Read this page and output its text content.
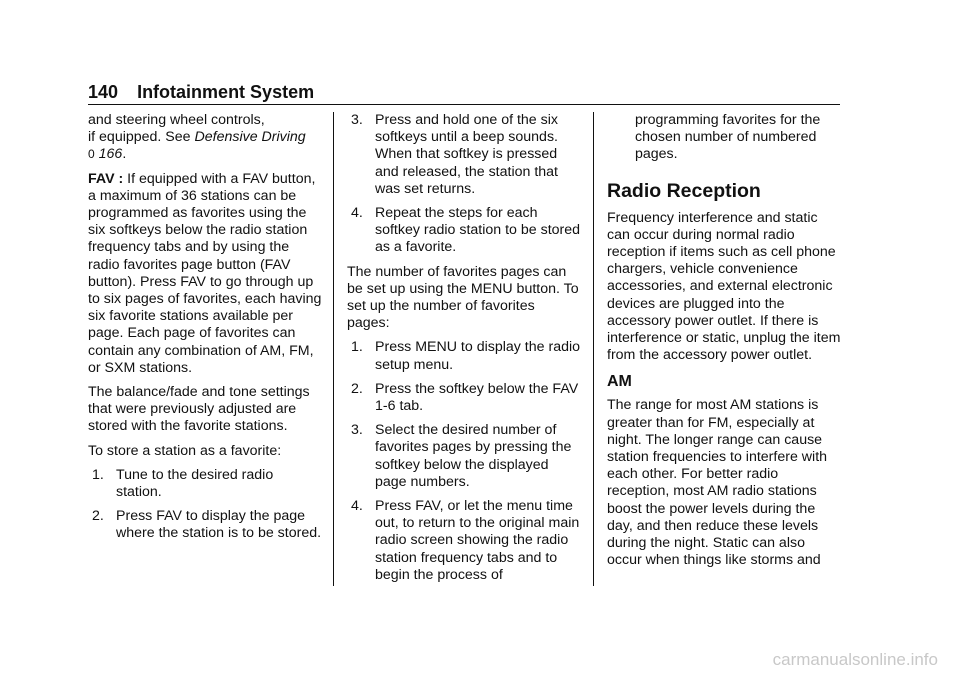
140 Infotainment System

and steering wheel controls,
if equipped. See Defensive Driving
0 166.

FAV : If equipped with a FAV button, a maximum of 36 stations can be programmed as favorites using the six softkeys below the radio station frequency tabs and by using the radio favorites page button (FAV button). Press FAV to go through up to six pages of favorites, each having six favorite stations available per page. Each page of favorites can contain any combination of AM, FM, or SXM stations.

The balance/fade and tone settings that were previously adjusted are stored with the favorite stations.

To store a station as a favorite:

1. Tune to the desired radio station.
2. Press FAV to display the page where the station is to be stored.
3. Press and hold one of the six softkeys until a beep sounds. When that softkey is pressed and released, the station that was set returns.
4. Repeat the steps for each softkey radio station to be stored as a favorite.

The number of favorites pages can be set up using the MENU button. To set up the number of favorites pages:

1. Press MENU to display the radio setup menu.
2. Press the softkey below the FAV 1-6 tab.
3. Select the desired number of favorites pages by pressing the softkey below the displayed page numbers.
4. Press FAV, or let the menu time out, to return to the original main radio screen showing the radio station frequency tabs and to begin the process of

programming favorites for the chosen number of numbered pages.

Radio Reception

Frequency interference and static can occur during normal radio reception if items such as cell phone chargers, vehicle convenience accessories, and external electronic devices are plugged into the accessory power outlet. If there is interference or static, unplug the item from the accessory power outlet.

AM

The range for most AM stations is greater than for FM, especially at night. The longer range can cause station frequencies to interfere with each other. For better radio reception, most AM radio stations boost the power levels during the day, and then reduce these levels during the night. Static can also occur when things like storms and

carmanualsonline.info
